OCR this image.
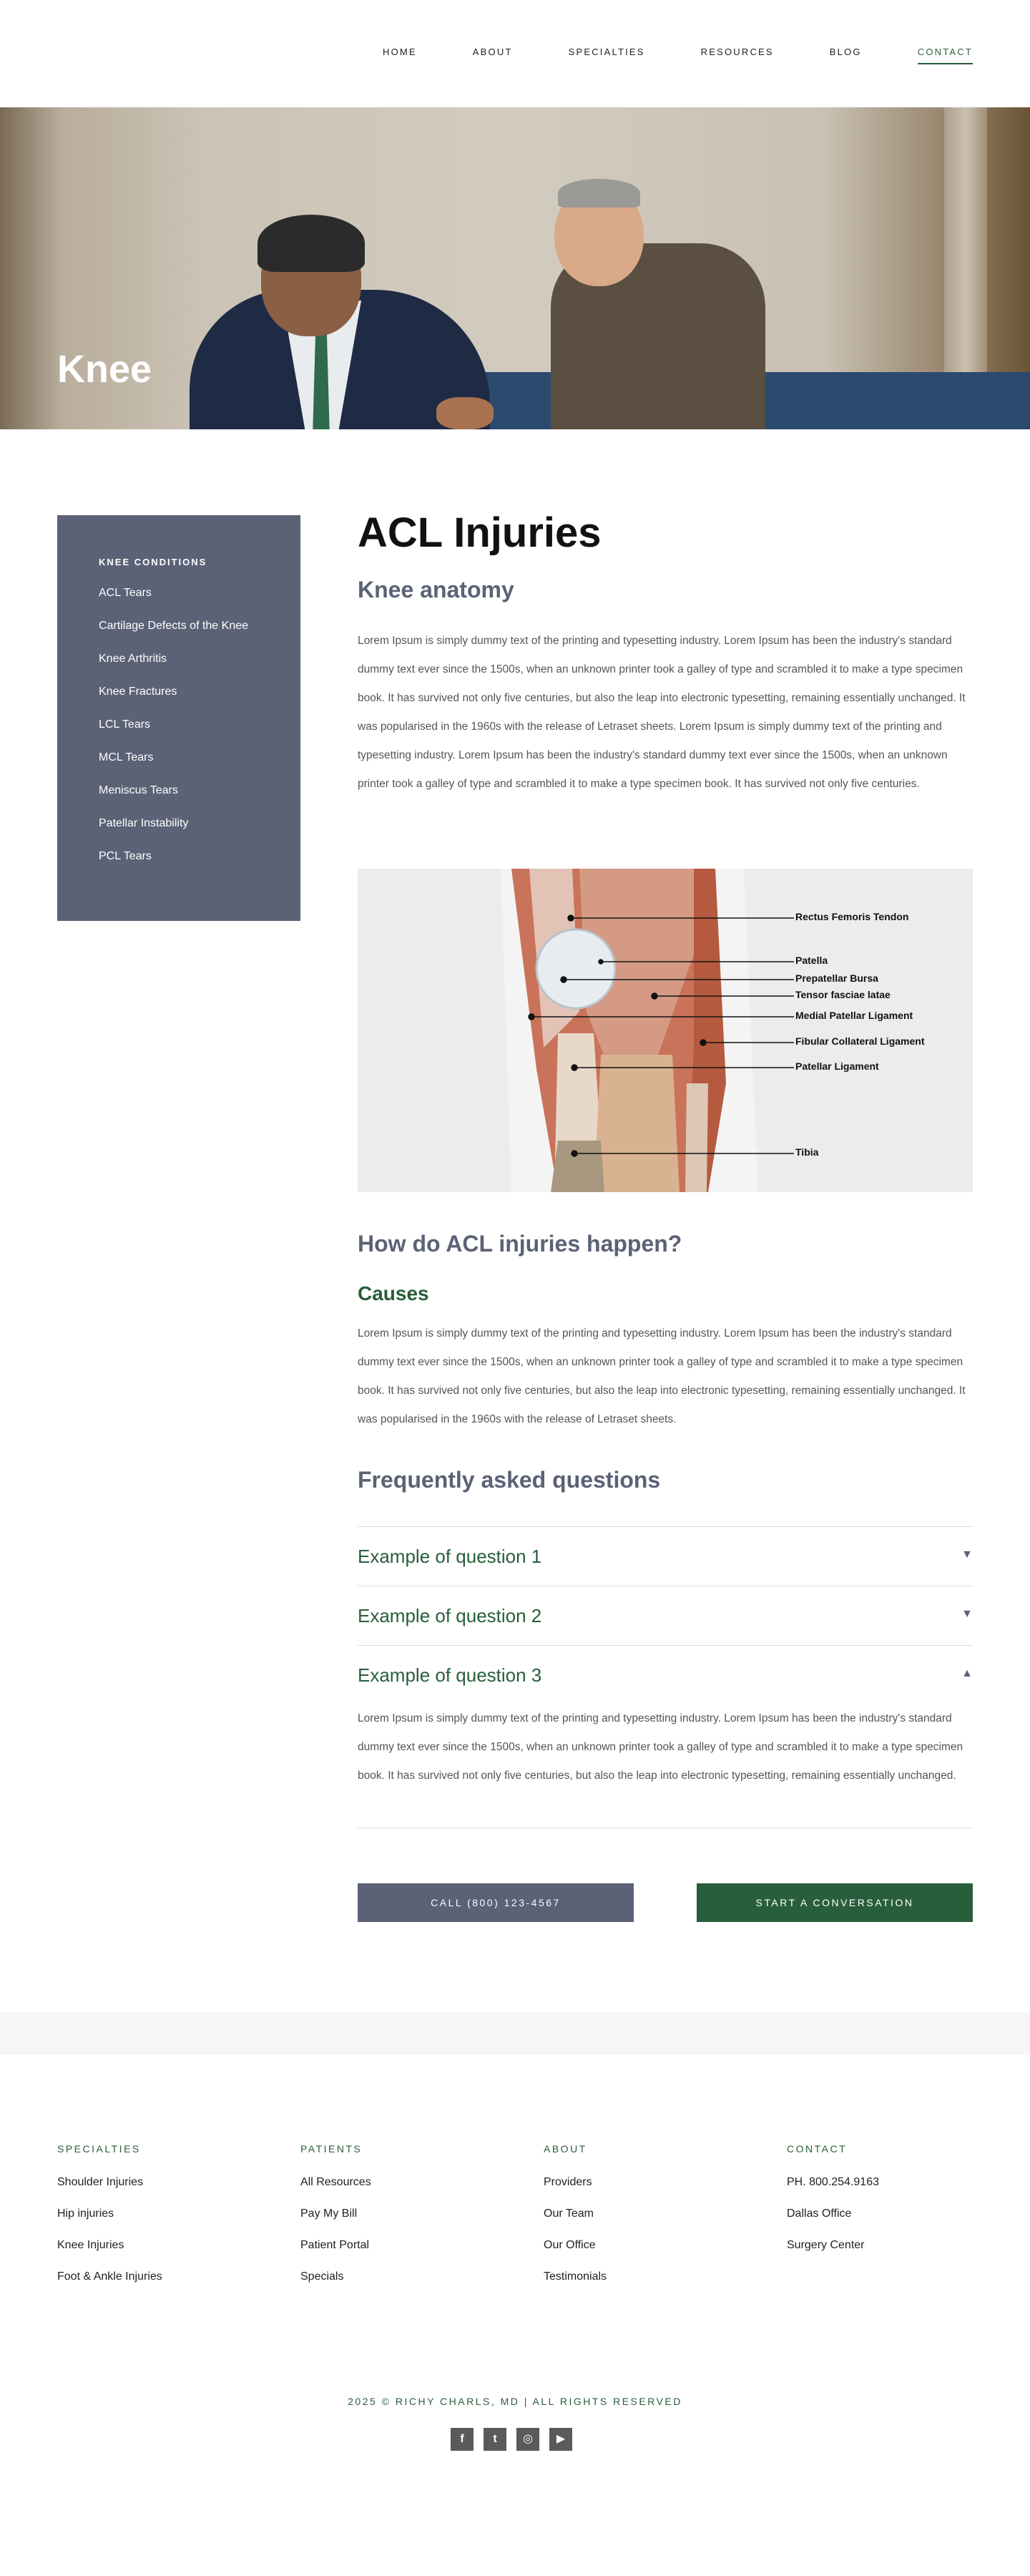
HOME	ABOUT	SPECIALTIES	RESOURCES	BLOG	CONTACT
Knee
KNEE CONDITIONS
ACL Tears
Cartilage Defects of the Knee
Knee Arthritis
Knee Fractures
LCL Tears
MCL Tears
Meniscus Tears
Patellar Instability
PCL Tears
ACL Injuries
Knee anatomy

Lorem Ipsum is simply dummy text of the printing and typesetting industry. Lorem Ipsum has been the industry's standard dummy text ever since the 1500s, when an unknown printer took a galley of type and scrambled it to make a type specimen book. It has survived not only five centuries, but also the leap into electronic typesetting, remaining essentially unchanged. It was popularised in the 1960s with the release of Letraset sheets. Lorem Ipsum is simply dummy text of the printing and typesetting industry. Lorem Ipsum has been the industry's standard dummy text ever since the 1500s, when an unknown printer took a galley of type and scrambled it to make a type specimen book. It has survived not only five centuries.

Rectus Femoris Tendon
Patella
Prepatellar Bursa
Tensor fasciae latae
Medial Patellar Ligament
Fibular Collateral Ligament
Patellar Ligament
Tibia
How do ACL injuries happen?
Causes

Lorem Ipsum is simply dummy text of the printing and typesetting industry. Lorem Ipsum has been the industry's standard dummy text ever since the 1500s, when an unknown printer took a galley of type and scrambled it to make a type specimen book. It has survived not only five centuries, but also the leap into electronic typesetting, remaining essentially unchanged. It was popularised in the 1960s with the release of Letraset sheets.

Frequently asked questions
Example of question 1	▼
Example of question 2	▼
Example of question 3	▲

Lorem Ipsum is simply dummy text of the printing and typesetting industry. Lorem Ipsum has been the industry's standard dummy text ever since the 1500s, when an unknown printer took a galley of type and scrambled it to make a type specimen book. It has survived not only five centuries, but also the leap into electronic typesetting, remaining essentially unchanged.

CALL (800) 123-4567	START A CONVERSATION
SPECIALTIES
Shoulder Injuries
Hip injuries
Knee Injuries
Foot & Ankle Injuries
PATIENTS
All Resources
Pay My Bill
Patient Portal
Specials
ABOUT
Providers
Our Team
Our Office
Testimonials
CONTACT
PH. 800.254.9163
Dallas Office
Surgery Center
2025 © RICHY CHARLS, MD | ALL RIGHTS RESERVED
f	t	◎	▶
